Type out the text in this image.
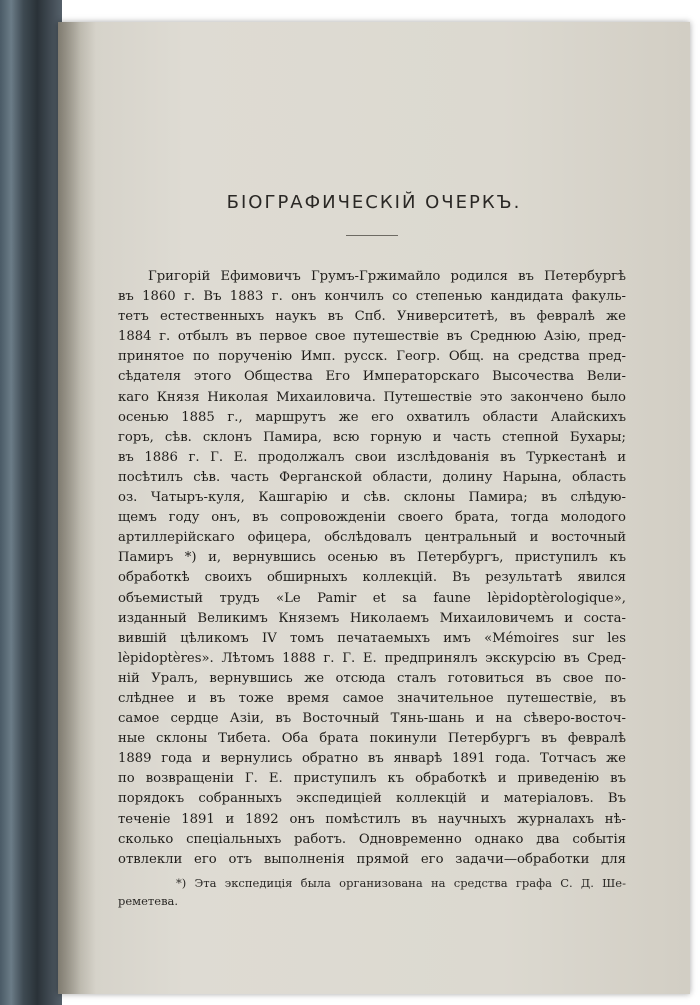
БІОГРАФИЧЕСКІЙ ОЧЕРКЪ.
Григорій Ефимовичъ Грумъ-Гржимайло родился въ Петербургѣ
въ 1860 г. Въ 1883 г. онъ кончилъ со степенью кандидата факуль-
тетъ естественныхъ наукъ въ Спб. Университетѣ, въ февралѣ же
1884 г. отбылъ въ первое свое путешествіе въ Среднюю Азію, пред-
принятое по порученію Имп. русск. Геогр. Общ. на средства пред-
сѣдателя этого Общества Его Императорскаго Высочества Вели-
каго Князя Николая Михаиловича. Путешествіе это закончено было
осенью 1885 г., маршрутъ же его охватилъ области Алайскихъ
горъ, сѣв. склонъ Памира, всю горную и часть степной Бухары;
въ 1886 г. Г. Е. продолжалъ свои изслѣдованія въ Туркестанѣ и
посѣтилъ сѣв. часть Ферганской области, долину Нарына, область
оз. Чатыръ-куля, Кашгарію и сѣв. склоны Памира; въ слѣдую-
щемъ году онъ, въ сопровожденіи своего брата, тогда молодого
артиллерійскаго офицера, обслѣдовалъ центральный и восточный
Памиръ *) и, вернувшись осенью въ Петербургъ, приступилъ къ
обработкѣ своихъ обширныхъ коллекцій. Въ результатѣ явился
объемистый трудъ «Le Pamir et sa faune lèpidoptèrologique»,
изданный Великимъ Княземъ Николаемъ Михаиловичемъ и соста-
вившій цѣликомъ IV томъ печатаемыхъ имъ «Mémoires sur les
lèpidoptères». Лѣтомъ 1888 г. Г. Е. предпринялъ экскурсію въ Сред-
ній Уралъ, вернувшись же отсюда сталъ готовиться въ свое по-
слѣднее и въ тоже время самое значительное путешествіе, въ
самое сердце Азіи, въ Восточный Тянь-шань и на сѣверо-восточ-
ные склоны Тибета. Оба брата покинули Петербургъ въ февралѣ
1889 года и вернулись обратно въ январѣ 1891 года. Тотчасъ же
по возвращеніи Г. Е. приступилъ къ обработкѣ и приведенію въ
порядокъ собранныхъ экспедиціей коллекцій и матеріаловъ. Въ
теченіе 1891 и 1892 онъ помѣстилъ въ научныхъ журналахъ нѣ-
сколько спеціальныхъ работъ. Одновременно однако два событія
отвлекли его отъ выполненія прямой его задачи—обработки для
*) Эта экспедиція была организована на средства графа С. Д. Ше-
реметева.
